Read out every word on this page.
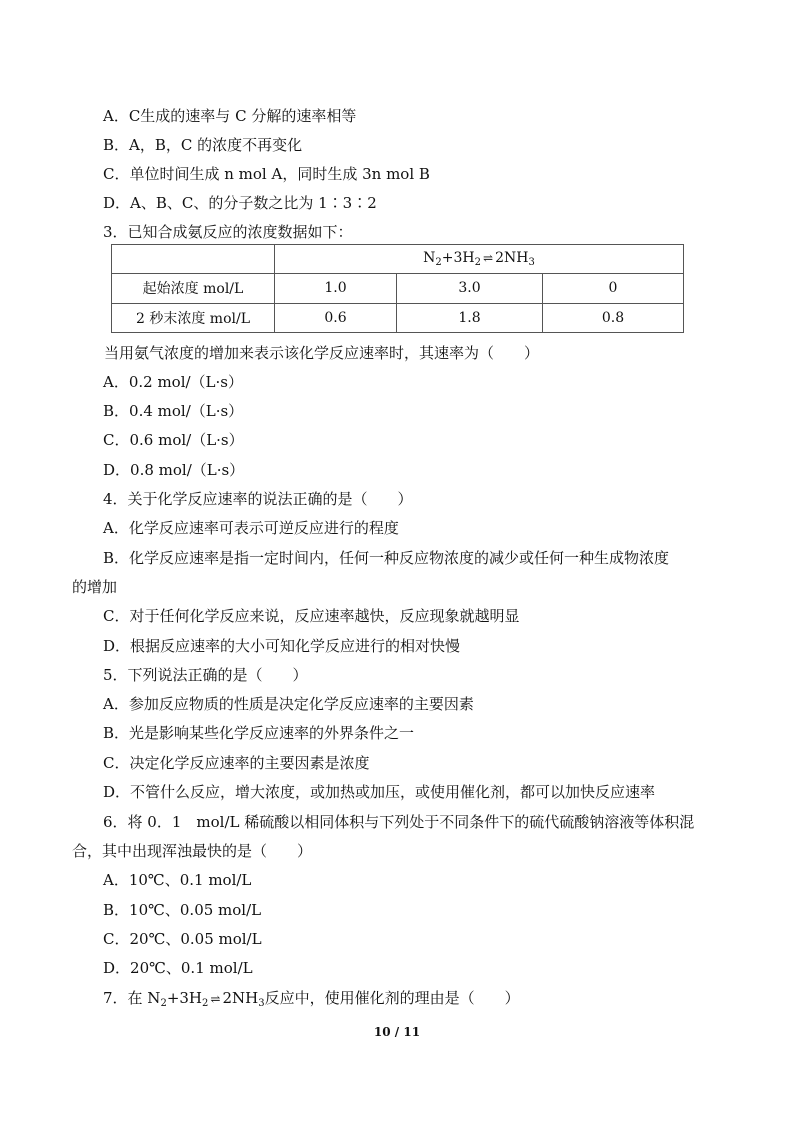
A．C生成的速率与 C 分解的速率相等
B．A，B，C 的浓度不再变化
C．单位时间生成 n mol A，同时生成 3n mol B
D．A、B、C、的分子数之比为 1∶3∶2
3．已知合成氨反应的浓度数据如下：
	$N_2+3H_2$ ⇌ $2NH_3$
起始浓度 mol/L	1.0	3.0	0
2 秒末浓度 mol/L	0.6	1.8	0.8
当用氨气浓度的增加来表示该化学反应速率时，其速率为（　　）
A．0.2 mol/（L·s）
B．0.4 mol/（L·s）
C．0.6 mol/（L·s）
D．0.8 mol/（L·s）
4．关于化学反应速率的说法正确的是（　　）
A．化学反应速率可表示可逆反应进行的程度
B．化学反应速率是指一定时间内，任何一种反应物浓度的减少或任何一种生成物浓度
的增加
C．对于任何化学反应来说，反应速率越快，反应现象就越明显
D．根据反应速率的大小可知化学反应进行的相对快慢
5．下列说法正确的是（　　）
A．参加反应物质的性质是决定化学反应速率的主要因素
B．光是影响某些化学反应速率的外界条件之一
C．决定化学反应速率的主要因素是浓度
D．不管什么反应，增大浓度，或加热或加压，或使用催化剂，都可以加快反应速率
6．将 0．1　mol/L 稀硫酸以相同体积与下列处于不同条件下的硫代硫酸钠溶液等体积混
合，其中出现浑浊最快的是（　　）
A．10℃、0.1 mol/L
B．10℃、0.05 mol/L
C．20℃、0.05 mol/L
D．20℃、0.1 mol/L
7．在 $N_2+3H_2$ ⇌ $2NH_3$反应中，使用催化剂的理由是（　　）
10 / 11
